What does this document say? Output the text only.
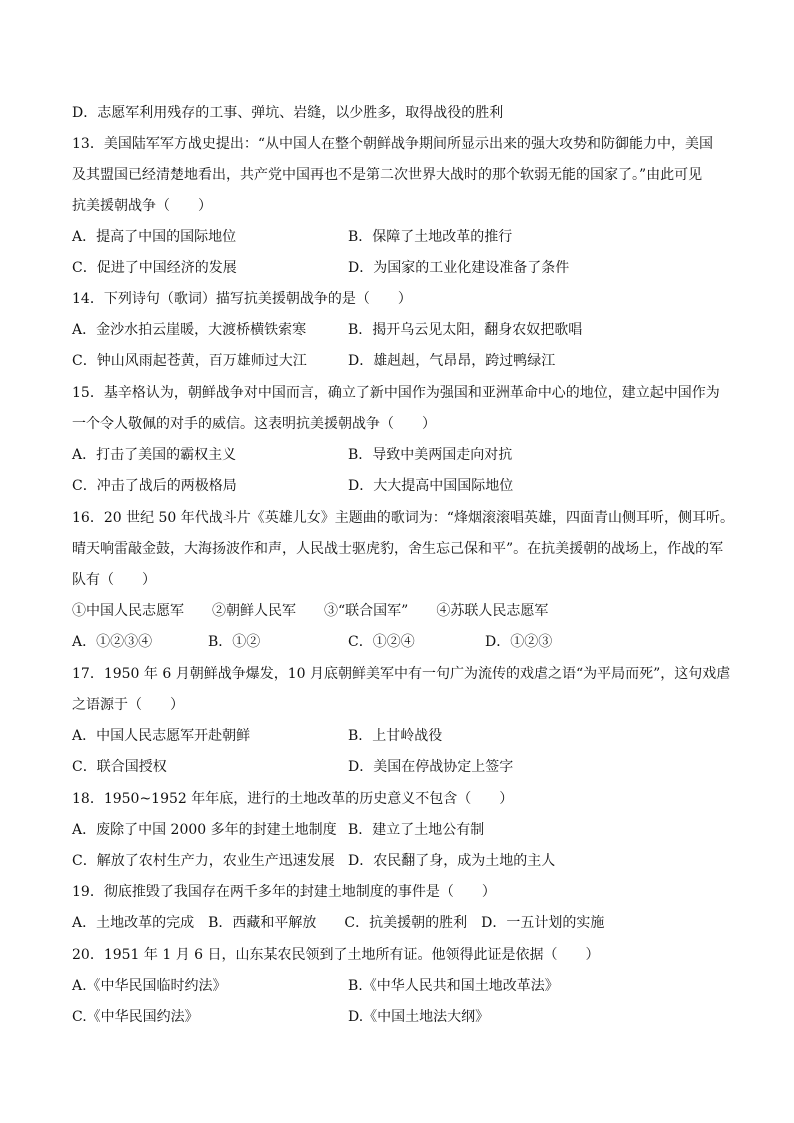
D．志愿军利用残存的工事、弹坑、岩缝，以少胜多，取得战役的胜利
13．美国陆军军方战史提出：“从中国人在整个朝鲜战争期间所显示出来的强大攻势和防御能力中，美国
及其盟国已经清楚地看出，共产党中国再也不是第二次世界大战时的那个软弱无能的国家了。”由此可见
抗美援朝战争（　　）
A．提高了中国的国际地位	B．保障了土地改革的推行
C．促进了中国经济的发展	D．为国家的工业化建设准备了条件
14．下列诗句（歌词）描写抗美援朝战争的是（　　）
A．金沙水拍云崖暖，大渡桥横铁索寒	B．揭开乌云见太阳，翻身农奴把歌唱
C．钟山风雨起苍黄，百万雄师过大江	D．雄赳赳，气昂昂，跨过鸭绿江
15．基辛格认为，朝鲜战争对中国而言，确立了新中国作为强国和亚洲革命中心的地位，建立起中国作为
一个令人敬佩的对手的威信。这表明抗美援朝战争（　　）
A．打击了美国的霸权主义	B．导致中美两国走向对抗
C．冲击了战后的两极格局	D．大大提高中国国际地位
16．20 世纪 50 年代战斗片《英雄儿女》主题曲的歌词为：“烽烟滚滚唱英雄，四面青山侧耳听，侧耳听。
晴天响雷敲金鼓，大海扬波作和声，人民战士驱虎豹，舍生忘己保和平”。在抗美援朝的战场上，作战的军
队有（　　）
①中国人民志愿军　　②朝鲜人民军　　③“联合国军”　　④苏联人民志愿军
A．①②③④	B．①②	C．①②④	D．①②③
17．1950 年 6 月朝鲜战争爆发，10 月底朝鲜美军中有一句广为流传的戏虐之语“为平局而死”，这句戏虐
之语源于（　　）
A．中国人民志愿军开赴朝鲜	B．上甘岭战役
C．联合国授权	D．美国在停战协定上签字
18．1950~1952 年年底，进行的土地改革的历史意义不包含（　　）
A．废除了中国 2000 多年的封建土地制度 B．建立了土地公有制
C．解放了农村生产力，农业生产迅速发展 D．农民翻了身，成为土地的主人
19．彻底推毁了我国存在两千多年的封建土地制度的事件是（　　）
A．土地改革的完成　B．西藏和平解放　　C．抗美援朝的胜利　D．一五计划的实施
20．1951 年 1 月 6 日，山东某农民领到了土地所有证。他领得此证是依据（　　）
A.《中华民国临时约法》	B.《中华人民共和国土地改革法》
C.《中华民国约法》	D.《中国土地法大纲》
